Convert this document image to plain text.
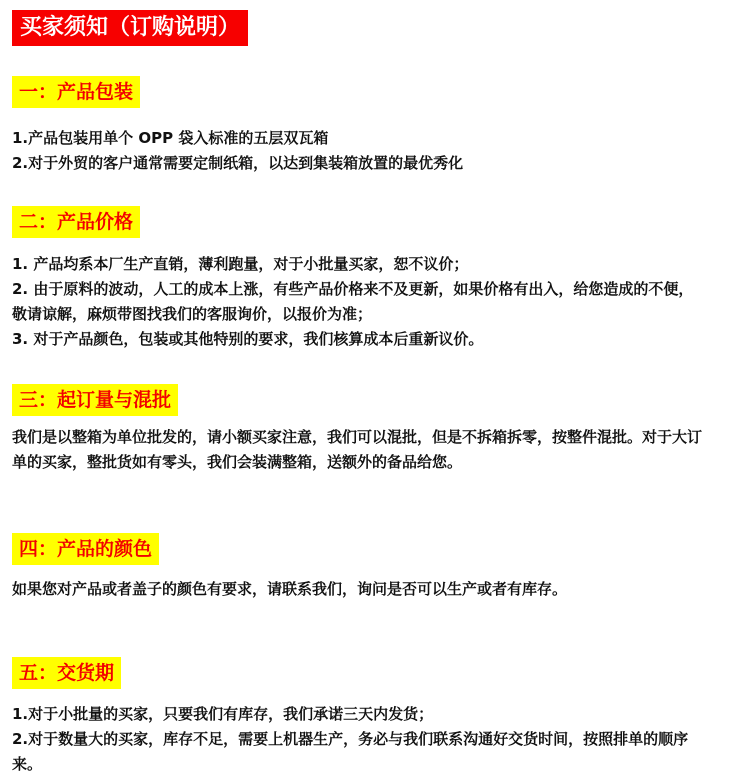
买家须知（订购说明）
一：产品包装
1.产品包装用单个 OPP 袋入标准的五层双瓦箱
2.对于外贸的客户通常需要定制纸箱，以达到集装箱放置的最优秀化
二：产品价格
1. 产品均系本厂生产直销，薄利跑量，对于小批量买家，恕不议价；
2. 由于原料的波动，人工的成本上涨，有些产品价格来不及更新，如果价格有出入，给您造成的不便，敬请谅解，麻烦带图找我们的客服询价，以报价为准；
3. 对于产品颜色，包装或其他特别的要求，我们核算成本后重新议价。
三：起订量与混批
我们是以整箱为单位批发的，请小额买家注意，我们可以混批，但是不拆箱拆零，按整件混批。对于大订单的买家，整批货如有零头，我们会装满整箱，送额外的备品给您。
四：产品的颜色
如果您对产品或者盖子的颜色有要求，请联系我们，询问是否可以生产或者有库存。
五：交货期
1.对于小批量的买家，只要我们有库存，我们承诺三天内发货；
2.对于数量大的买家，库存不足，需要上机器生产，务必与我们联系沟通好交货时间，按照排单的顺序来。
